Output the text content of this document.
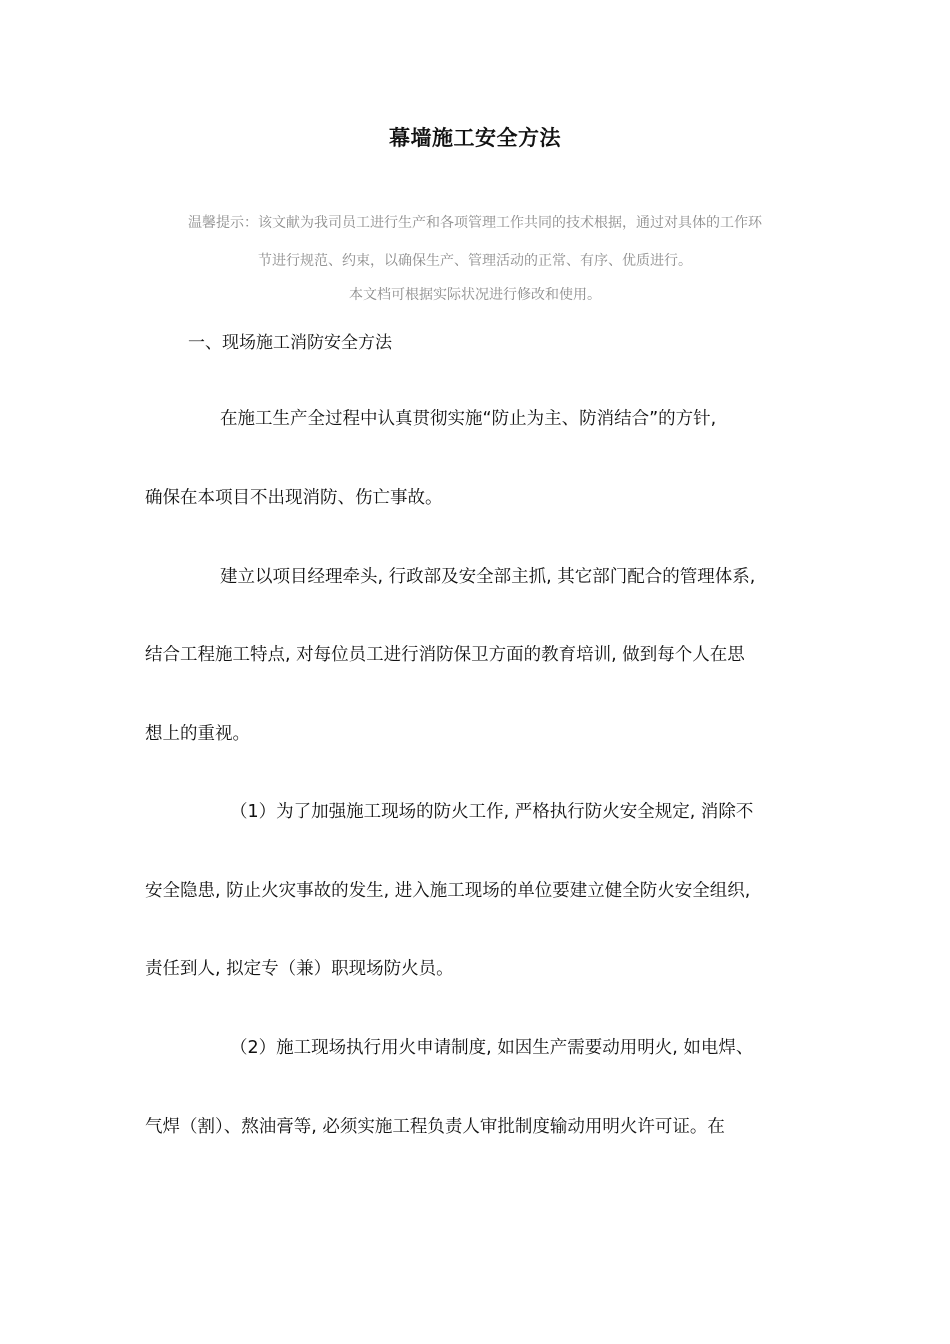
幕墙施工安全方法
温馨提示：该文献为我司员工进行生产和各项管理工作共同的技术根据，通过对具体的工作环
节进行规范、约束，以确保生产、管理活动的正常、有序、优质进行。
本文档可根据实际状况进行修改和使用。
一、现场施工消防安全方法
在施工生产全过程中认真贯彻实施“防止为主、防消结合”的方针,
确保在本项目不出现消防、伤亡事故。
建立以项目经理牵头, 行政部及安全部主抓, 其它部门配合的管理体系,
结合工程施工特点, 对每位员工进行消防保卫方面的教育培训, 做到每个人在思
想上的重视。
（1）为了加强施工现场的防火工作, 严格执行防火安全规定, 消除不
安全隐患, 防止火灾事故的发生, 进入施工现场的单位要建立健全防火安全组织,
责任到人, 拟定专（兼）职现场防火员。
（2）施工现场执行用火申请制度, 如因生产需要动用明火, 如电焊、
气焊（割）、熬油膏等, 必须实施工程负责人审批制度输动用明火许可证。在
